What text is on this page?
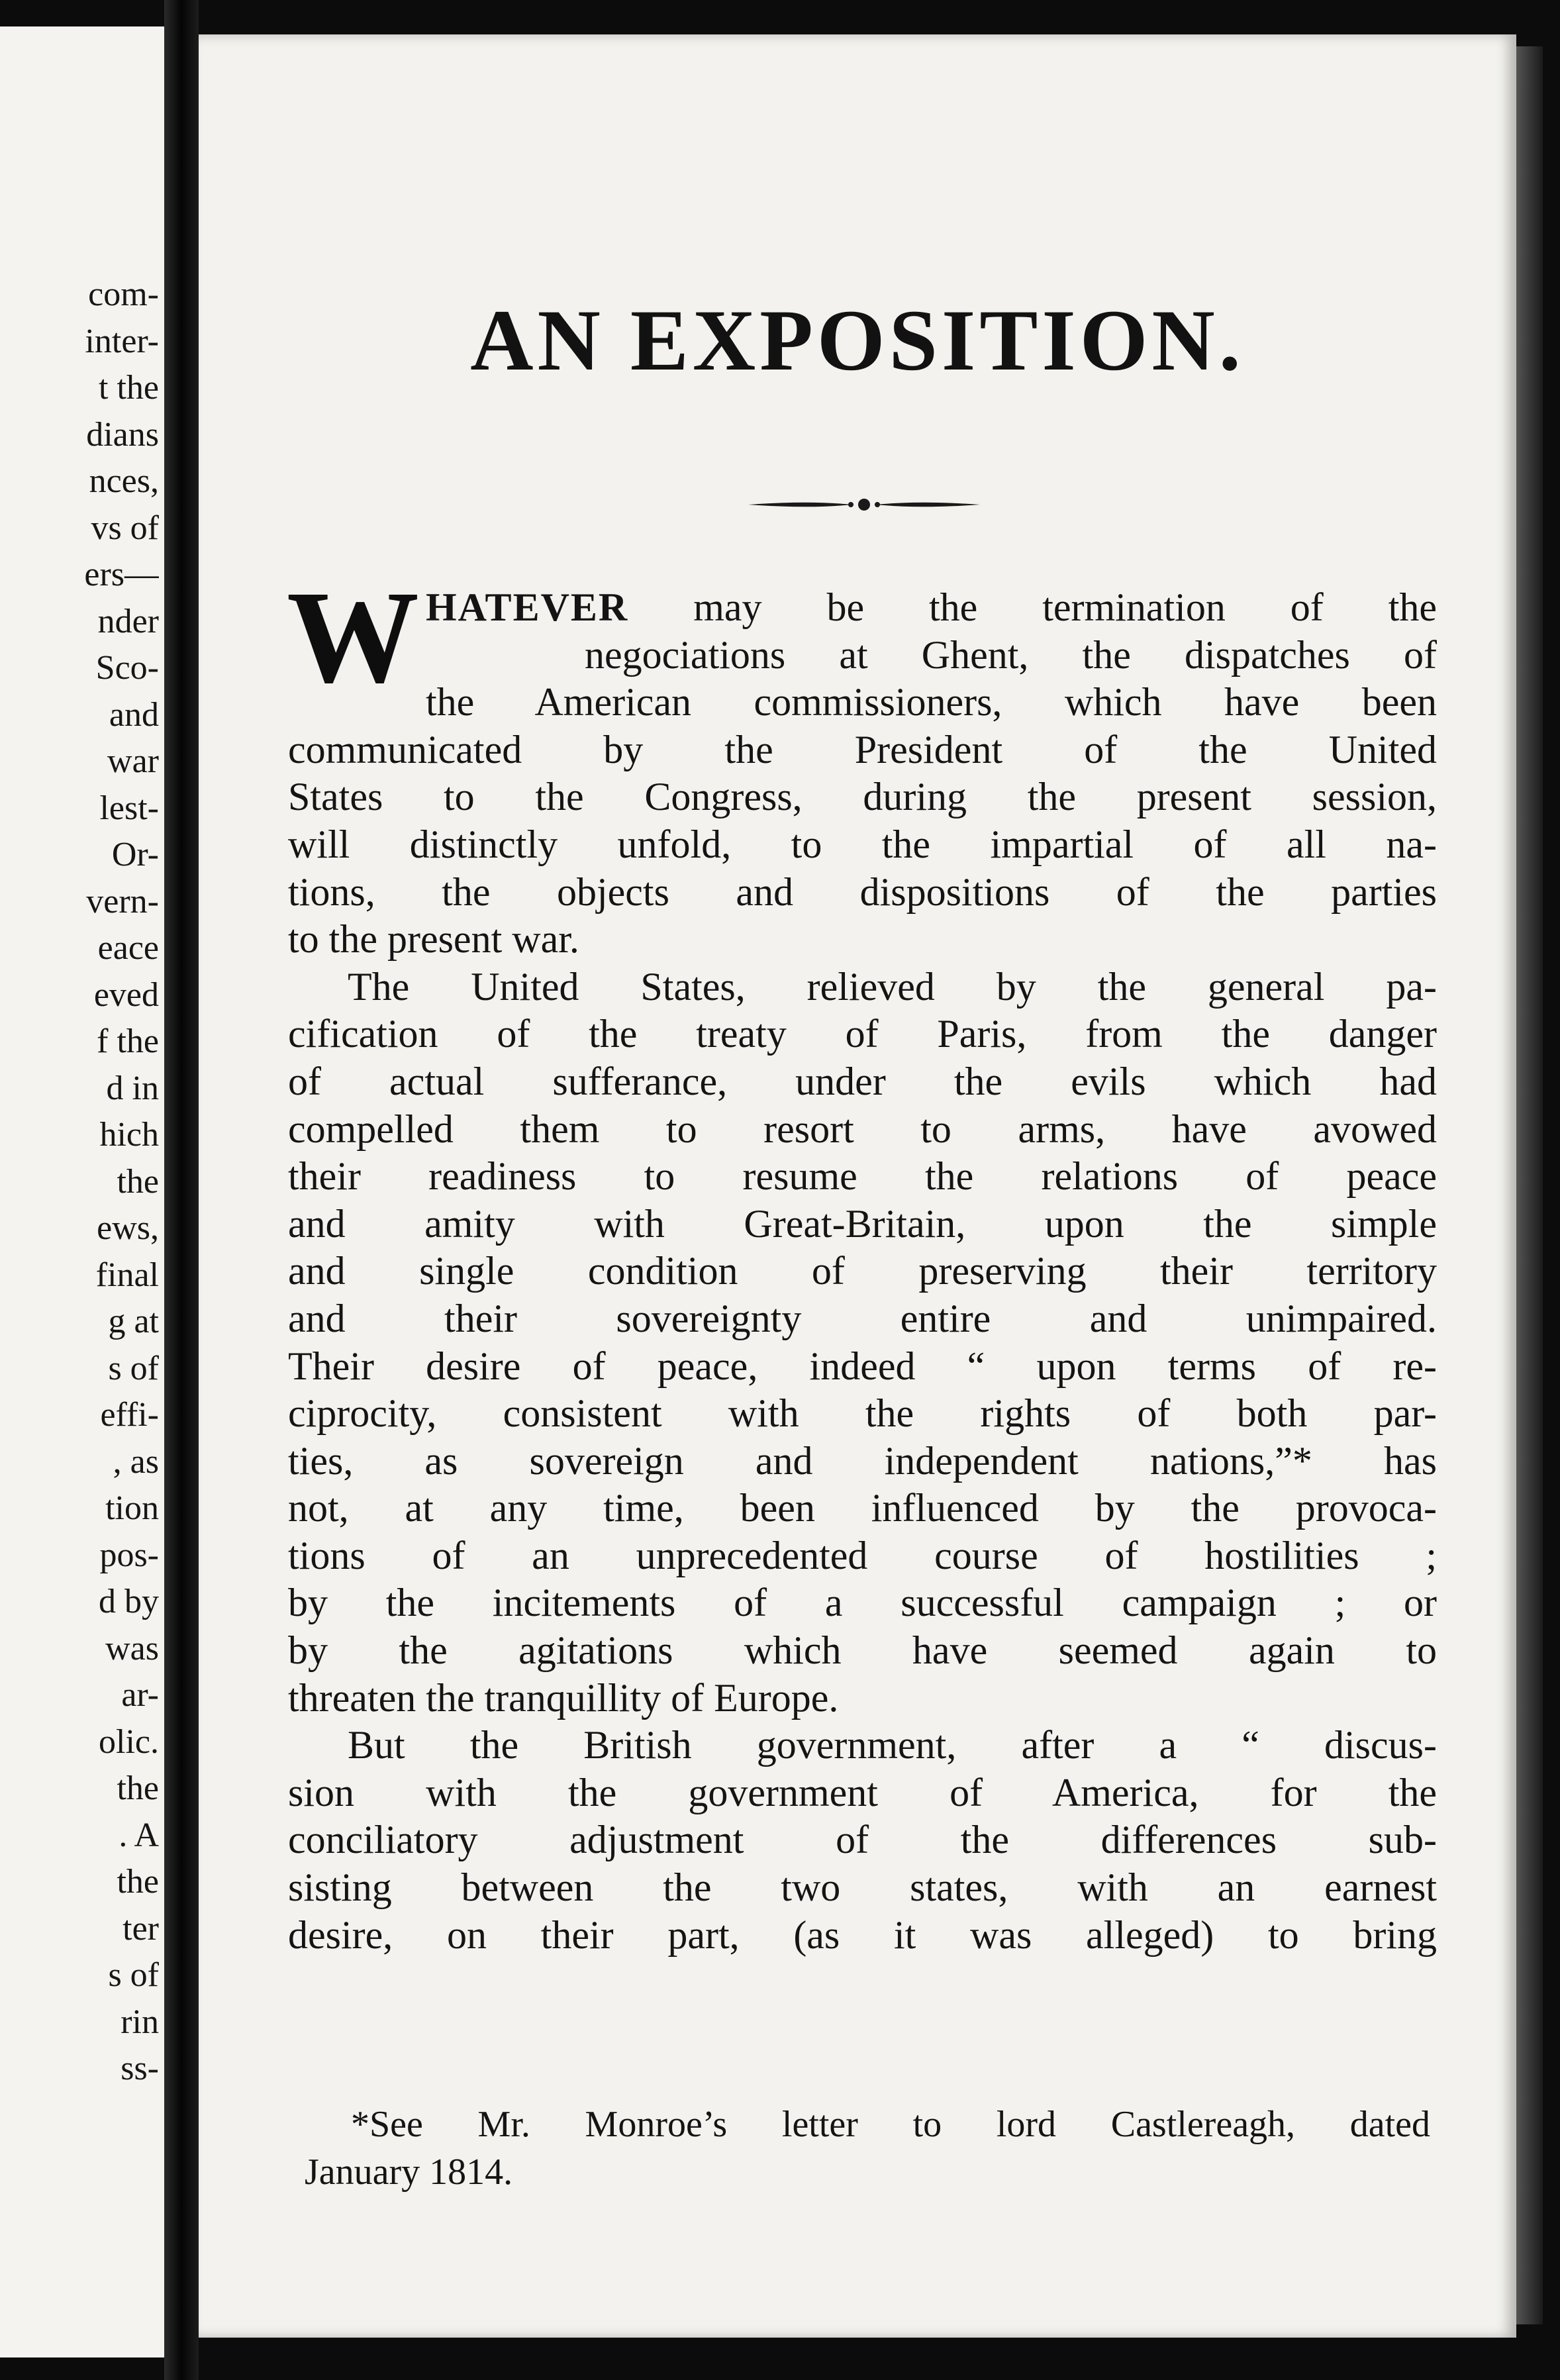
com-
inter-
t the
dians
nces,
vs of
ers—
nder
Sco-
and
war
lest-
Or-
vern-
eace
eved
f the
d in
hich
the
ews,
final
g at
s of
effi-
, as
tion
pos-
d by
was
ar-
olic.
the
. A
the
ter
s of
rin
ss-
AN EXPOSITION.
W HATEVER may be the termination of the
negociations at Ghent, the dispatches of
the American commissioners, which have been
communicated by the President of the United
States to the Congress, during the present session,
will distinctly unfold, to the impartial of all na-
tions, the objects and dispositions of the parties
to the present war.
The United States, relieved by the general pa-
cification of the treaty of Paris, from the danger
of actual sufferance, under the evils which had
compelled them to resort to arms, have avowed
their readiness to resume the relations of peace
and amity with Great-Britain, upon the simple
and single condition of preserving their territory
and their sovereignty entire and unimpaired.
Their desire of peace, indeed “ upon terms of re-
ciprocity, consistent with the rights of both par-
ties, as sovereign and independent nations,”* has
not, at any time, been influenced by the provoca-
tions of an unprecedented course of hostilities ;
by the incitements of a successful campaign ; or
by the agitations which have seemed again to
threaten the tranquillity of Europe.
But the British government, after a “ discus-
sion with the government of America, for the
conciliatory adjustment of the differences sub-
sisting between the two states, with an earnest
desire, on their part, (as it was alleged) to bring
*See Mr. Monroe’s letter to lord Castlereagh, dated
January 1814.
